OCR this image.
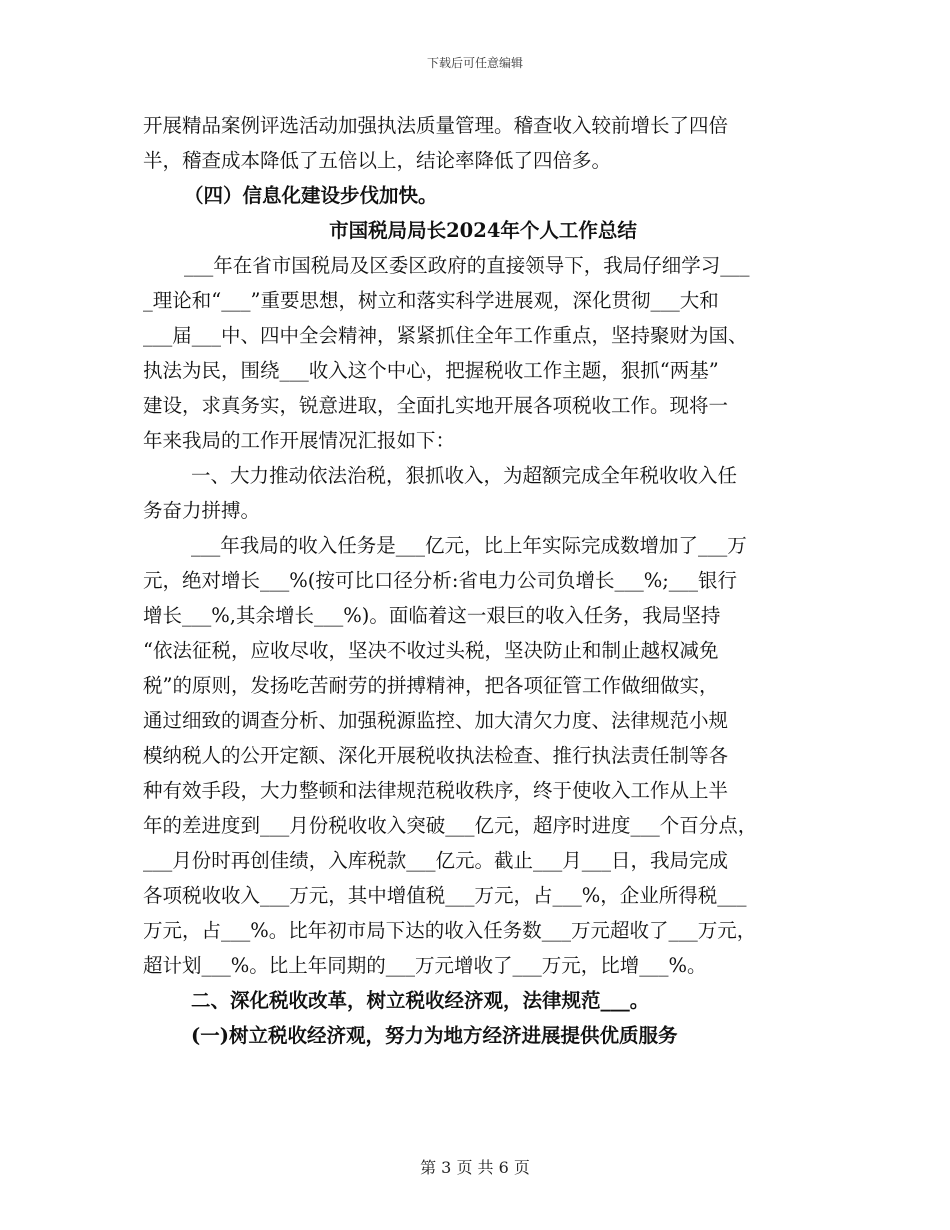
下载后可任意编辑
开展精品案例评选活动加强执法质量管理。稽查收入较前增长了四倍
半，稽查成本降低了五倍以上，结论率降低了四倍多。
（四）信息化建设步伐加快。
市国税局局长2024年个人工作总结
___年在省市国税局及区委区政府的直接领导下，我局仔细学习___
_理论和“___”重要思想，树立和落实科学进展观，深化贯彻___大和
___届___中、四中全会精神，紧紧抓住全年工作重点，坚持聚财为国、
执法为民，围绕___收入这个中心，把握税收工作主题，狠抓“两基”
建设，求真务实，锐意进取，全面扎实地开展各项税收工作。现将一
年来我局的工作开展情况汇报如下：
一、大力推动依法治税，狠抓收入，为超额完成全年税收收入任
务奋力拼搏。
___年我局的收入任务是___亿元，比上年实际完成数增加了___万
元，绝对增长___%(按可比口径分析:省电力公司负增长___%;___银行
增长___%,其余增长___%)。面临着这一艰巨的收入任务，我局坚持
“依法征税，应收尽收，坚决不收过头税，坚决防止和制止越权减免
税”的原则，发扬吃苦耐劳的拼搏精神，把各项征管工作做细做实，
通过细致的调查分析、加强税源监控、加大清欠力度、法律规范小规
模纳税人的公开定额、深化开展税收执法检查、推行执法责任制等各
种有效手段，大力整顿和法律规范税收秩序，终于使收入工作从上半
年的差进度到___月份税收收入突破___亿元，超序时进度___个百分点，
___月份时再创佳绩，入库税款___亿元。截止___月___日，我局完成
各项税收收入___万元，其中增值税___万元，占___%，企业所得税___
万元，占___%。比年初市局下达的收入任务数___万元超收了___万元，
超计划___%。比上年同期的___万元增收了___万元，比增___%。
二、深化税收改革，树立税收经济观，法律规范___。
(一)树立税收经济观，努力为地方经济进展提供优质服务
第 3 页 共 6 页
